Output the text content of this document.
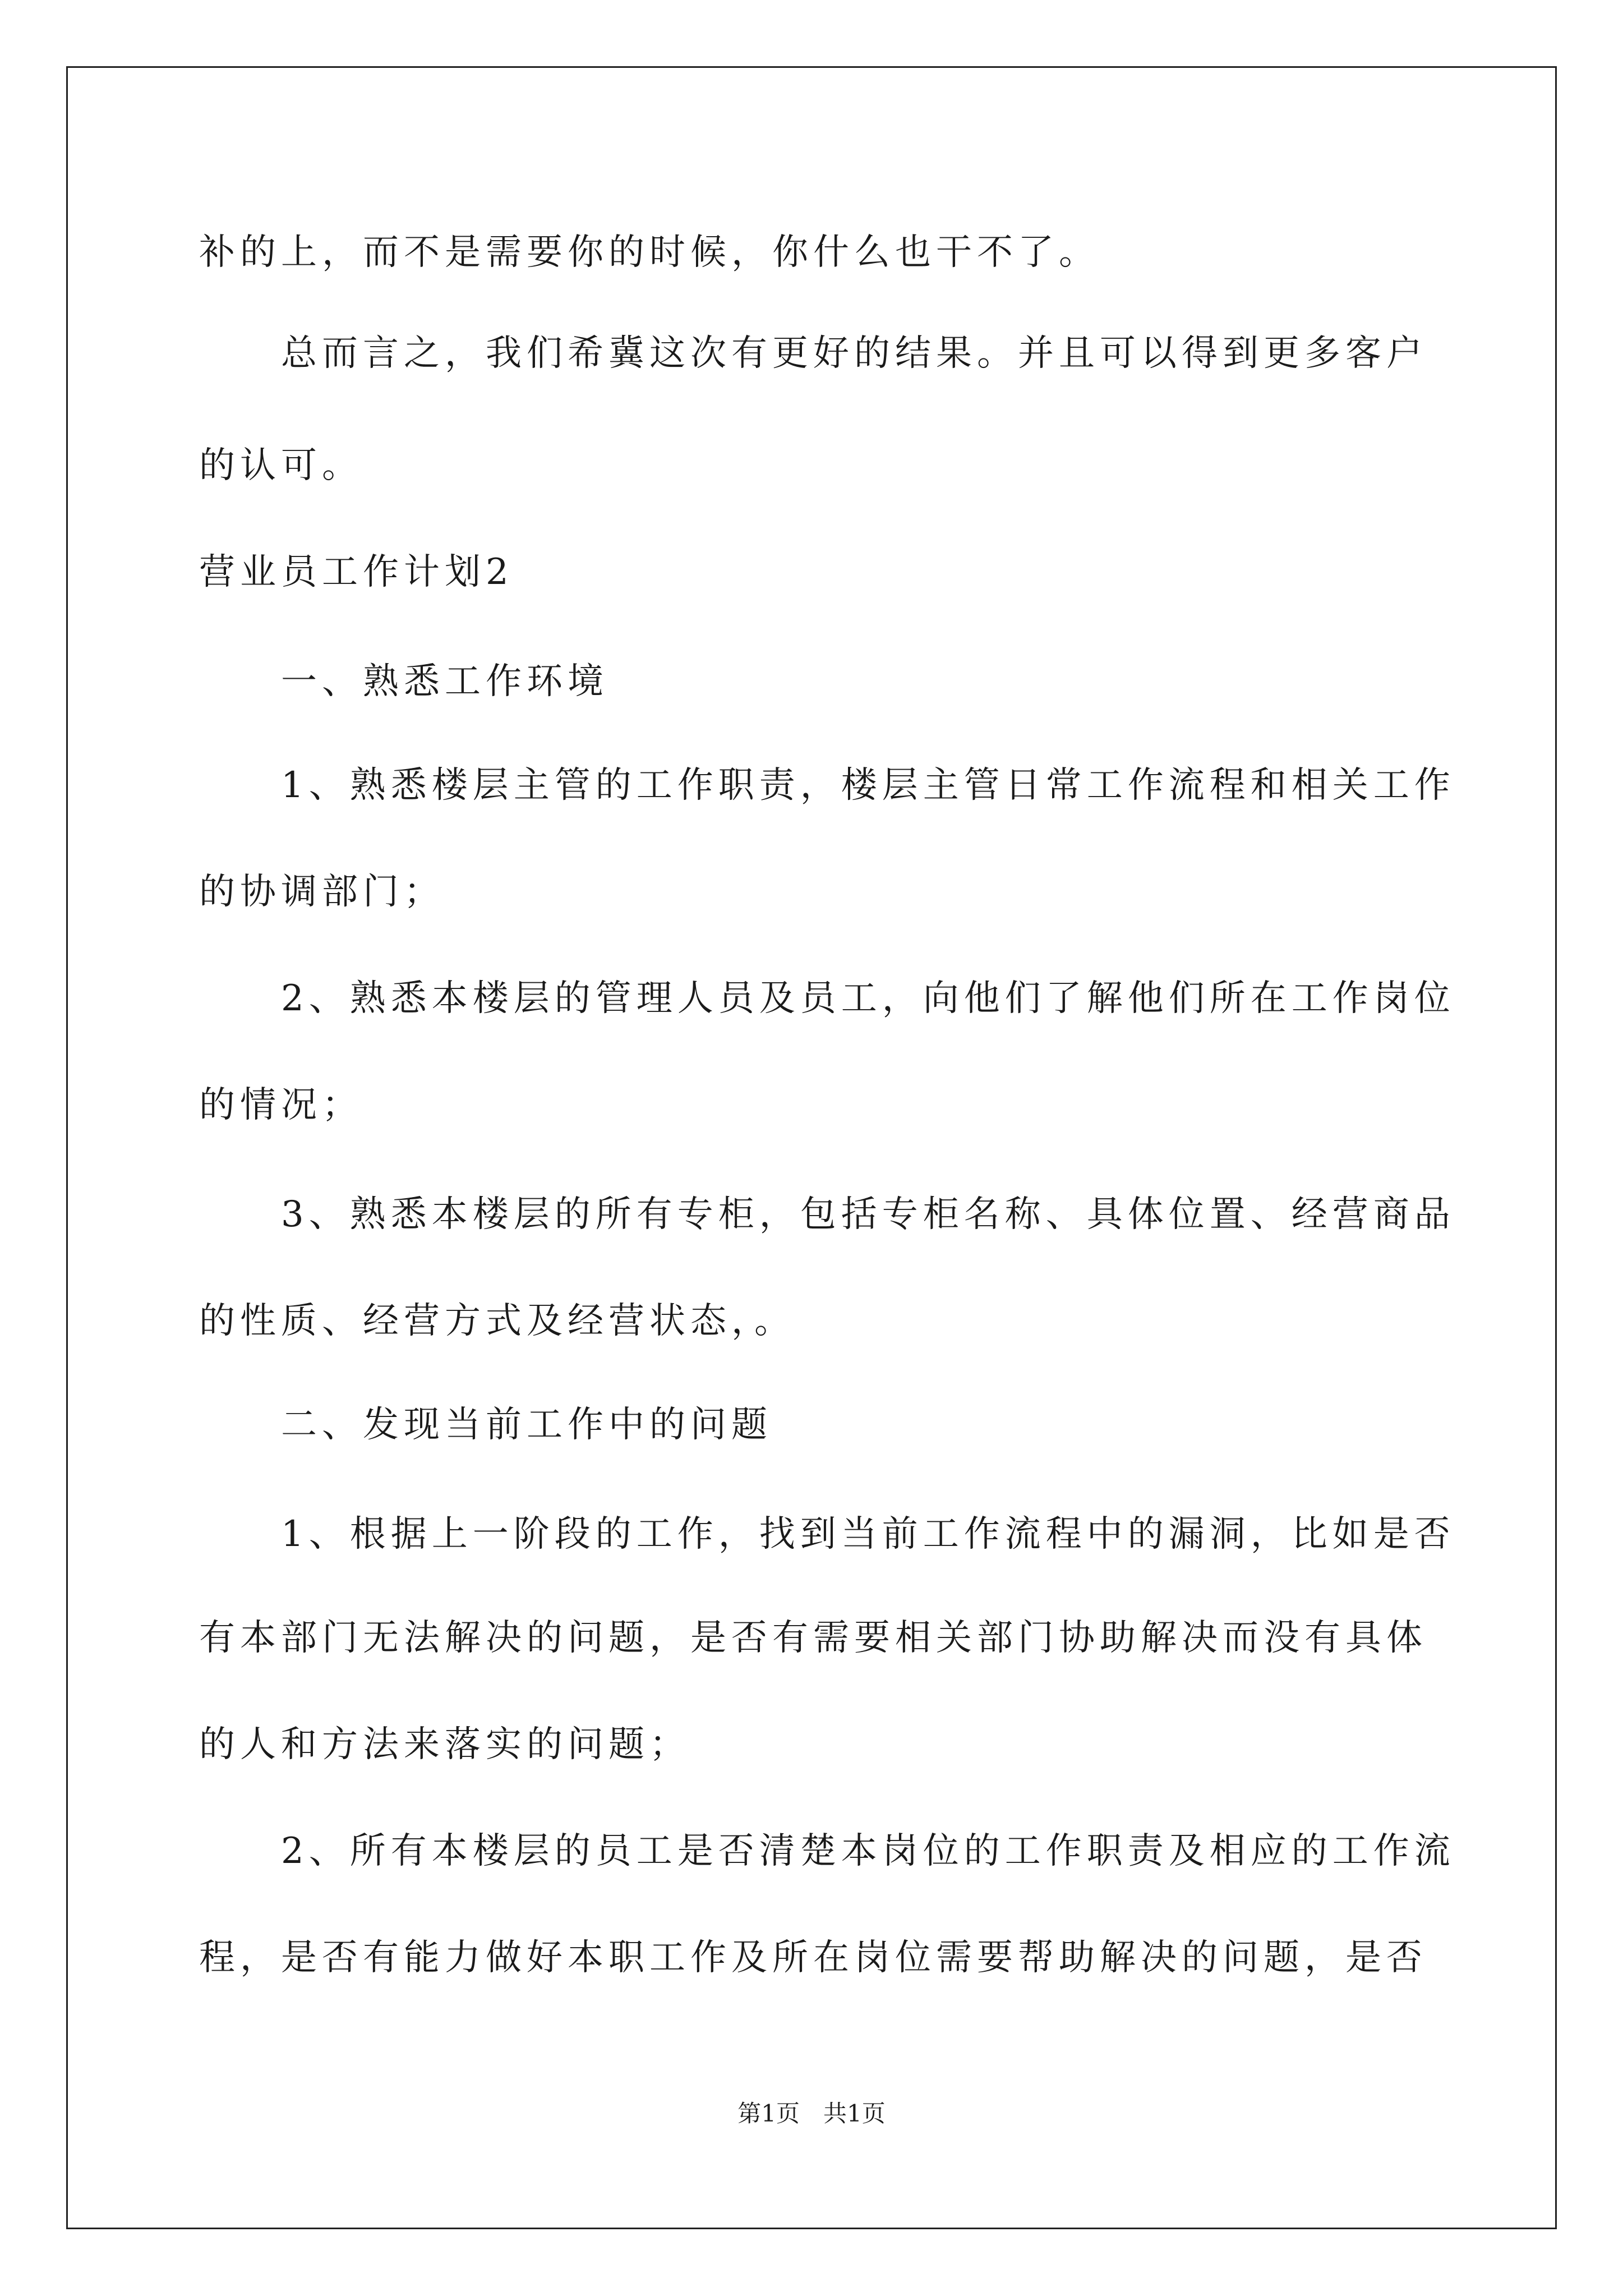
补的上，而不是需要你的时候，你什么也干不了。
总而言之，我们希冀这次有更好的结果。并且可以得到更多客户
的认可。
营业员工作计划2
一、熟悉工作环境
1、熟悉楼层主管的工作职责，楼层主管日常工作流程和相关工作
的协调部门；
2、熟悉本楼层的管理人员及员工，向他们了解他们所在工作岗位
的情况；
3、熟悉本楼层的所有专柜，包括专柜名称、具体位置、经营商品
的性质、经营方式及经营状态，。
二、发现当前工作中的问题
1、根据上一阶段的工作，找到当前工作流程中的漏洞，比如是否
有本部门无法解决的问题，是否有需要相关部门协助解决而没有具体
的人和方法来落实的问题；
2、所有本楼层的员工是否清楚本岗位的工作职责及相应的工作流
程，是否有能力做好本职工作及所在岗位需要帮助解决的问题，是否
第1页　共1页
